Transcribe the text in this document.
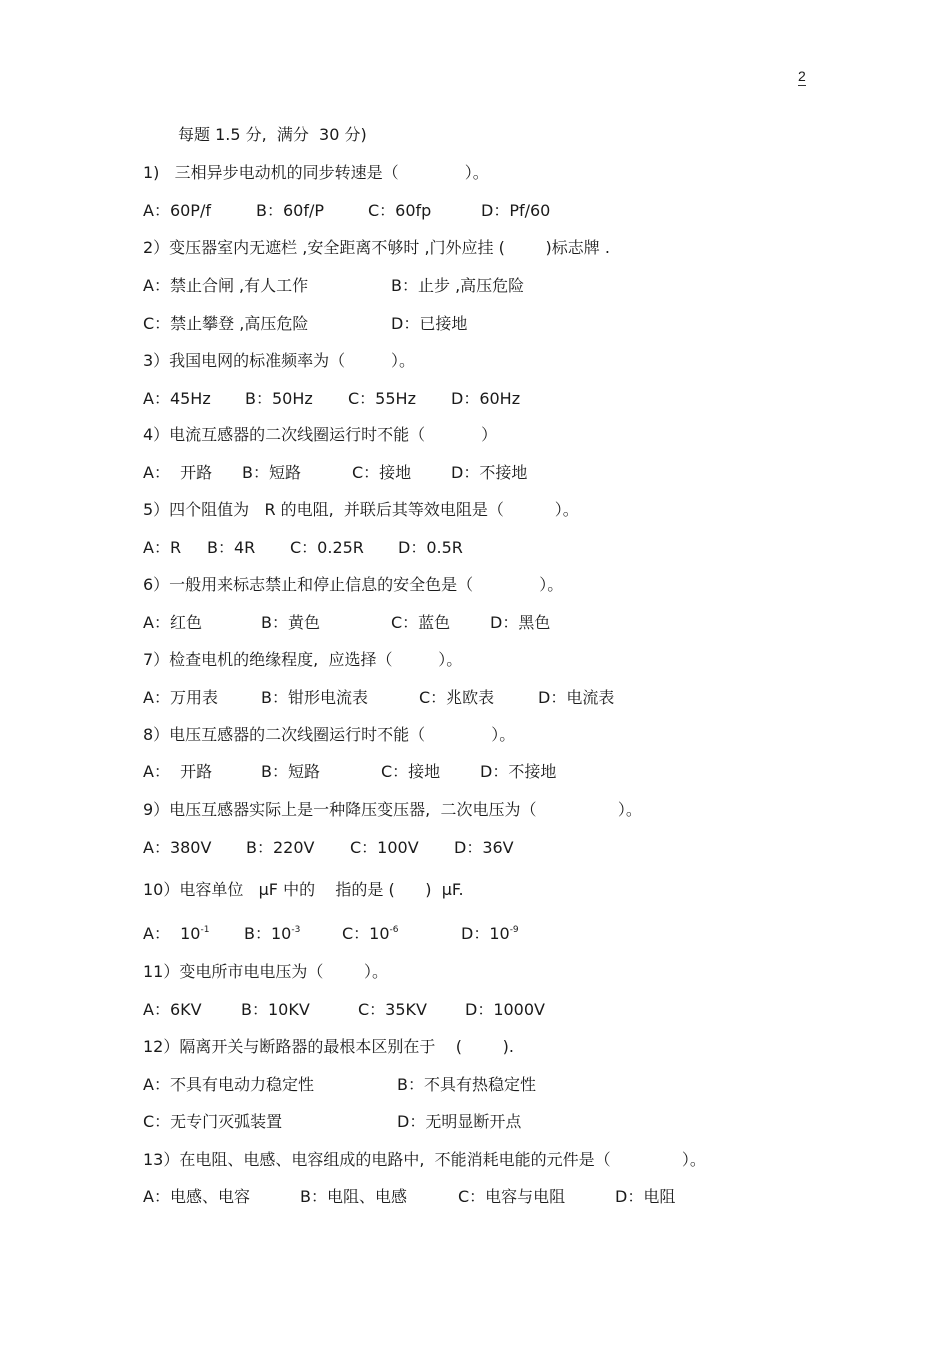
2
每题 1.5 分,  满分  30 分)
1)   三相异步电动机的同步转速是（             ）。
A：60P/f	B：60f/P	C：60fp	D：Pf/60
2）变压器室内无遮栏 ,安全距离不够时 ,门外应挂 (        )标志牌 .
A：禁止合闸 ,有人工作	B：止步 ,高压危险
C：禁止攀登 ,高压危险	D：已接地
3）我国电网的标准频率为（         ）。
A：45Hz B：50Hz C：55Hz D：60Hz
4）电流互感器的二次线圈运行时不能（           ）
A：  开路 B：短路	C：接地 D：不接地
5）四个阻值为   R 的电阻,  并联后其等效电阻是（          ）。
A：R B：4R C：0.25R D：0.5R
6）一般用来标志禁止和停止信息的安全色是（             ）。
A：红色	B：黄色	C：蓝色 D：黑色
7）检查电机的绝缘程度,  应选择（         ）。
A：万用表	B：钳形电流表	C：兆欧表	D：电流表
8）电压互感器的二次线圈运行时不能（             ）。
A：  开路	B：短路	C：接地 D：不接地
9）电压互感器实际上是一种降压变压器,  二次电压为（                ）。
A：380V B：220V C：100V D：36V
10）电容单位   μF 中的    指的是 (      )  μF.
A：  $10^{-1}$ B：$10^{-3}$	C：$10^{-6}$	D：$10^{-9}$
11）变电所市电电压为（        ）。
A：6KV B：10KV	C：35KV D：1000V
12）隔离开关与断路器的最根本区别在于    (        ).
A：不具有电动力稳定性	B：不具有热稳定性
C：无专门灭弧装置	D：无明显断开点
13）在电阻、电感、电容组成的电路中,  不能消耗电能的元件是（              ）。
A：电感、电容	B：电阻、电感	C：电容与电阻	D：电阻
